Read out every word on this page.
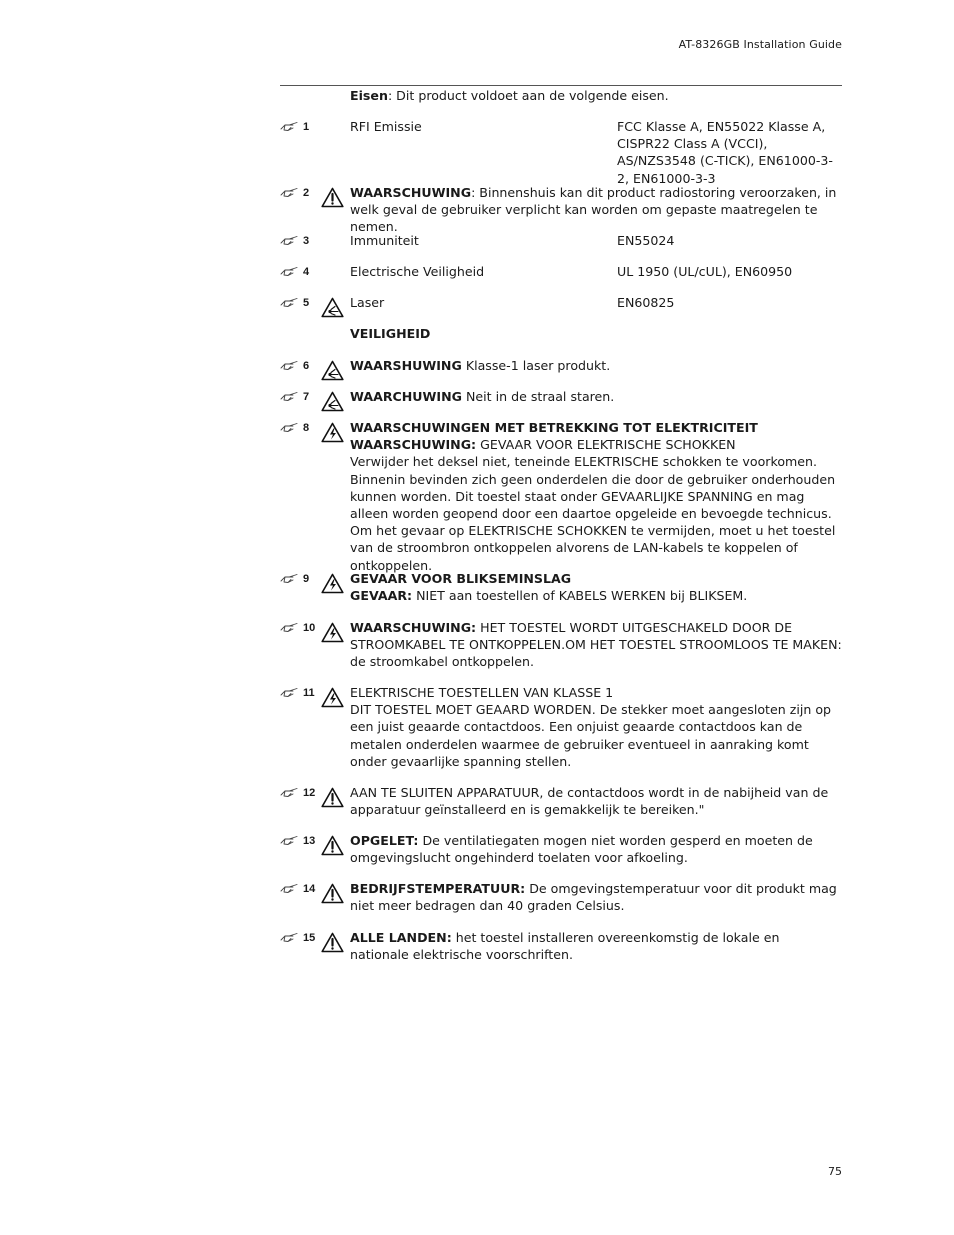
AT-8326GB Installation Guide
Eisen: Dit product voldoet aan de volgende eisen.
1	RFI Emissie	FCC Klasse A, EN55022 Klasse A, CISPR22 Class A (VCCI), AS/NZS3548 (C-TICK), EN61000-3-2, EN61000-3-3
2	WAARSCHUWING: Binnenshuis kan dit product radiostoring veroorzaken, in welk geval de gebruiker verplicht kan worden om gepaste maatregelen te nemen.
3	Immuniteit	EN55024
4	Electrische Veiligheid	UL 1950 (UL/cUL), EN60950
5	Laser	EN60825
VEILIGHEID
6	WAARSHUWING Klasse-1 laser produkt.
7	WAARCHUWING Neit in de straal staren.
8	WAARSCHUWINGEN MET BETREKKING TOT ELEKTRICITEIT
WAARSCHUWING: GEVAAR VOOR ELEKTRISCHE SCHOKKEN
Verwijder het deksel niet, teneinde ELEKTRISCHE schokken te voorkomen. Binnenin bevinden zich geen onderdelen die door de gebruiker onderhouden kunnen worden. Dit toestel staat onder GEVAARLIJKE SPANNING en mag alleen worden geopend door een daartoe opgeleide en bevoegde technicus. Om het gevaar op ELEKTRISCHE SCHOKKEN te vermijden, moet u het toestel van de stroombron ontkoppelen alvorens de LAN-kabels te koppelen of ontkoppelen.
9	GEVAAR VOOR BLIKSEMINSLAG
GEVAAR: NIET aan toestellen of KABELS WERKEN bij BLIKSEM.
10	WAARSCHUWING: HET TOESTEL WORDT UITGESCHAKELD DOOR DE STROOMKABEL TE ONTKOPPELEN.OM HET TOESTEL STROOMLOOS TE MAKEN: de stroomkabel ontkoppelen.
11	ELEKTRISCHE TOESTELLEN VAN KLASSE 1
DIT TOESTEL MOET GEAARD WORDEN. De stekker moet aangesloten zijn op een juist geaarde contactdoos. Een onjuist geaarde contactdoos kan de metalen onderdelen waarmee de gebruiker eventueel in aanraking komt onder gevaarlijke spanning stellen.
12	AAN TE SLUITEN APPARATUUR, de contactdoos wordt in de nabijheid van de apparatuur geïnstalleerd en is gemakkelijk te bereiken."
13	OPGELET: De ventilatiegaten mogen niet worden gesperd en moeten de omgevingslucht ongehinderd toelaten voor afkoeling.
14	BEDRIJFSTEMPERATUUR: De omgevingstemperatuur voor dit produkt mag niet meer bedragen dan 40 graden Celsius.
15	ALLE LANDEN: het toestel installeren overeenkomstig de lokale en nationale elektrische voorschriften.
75
